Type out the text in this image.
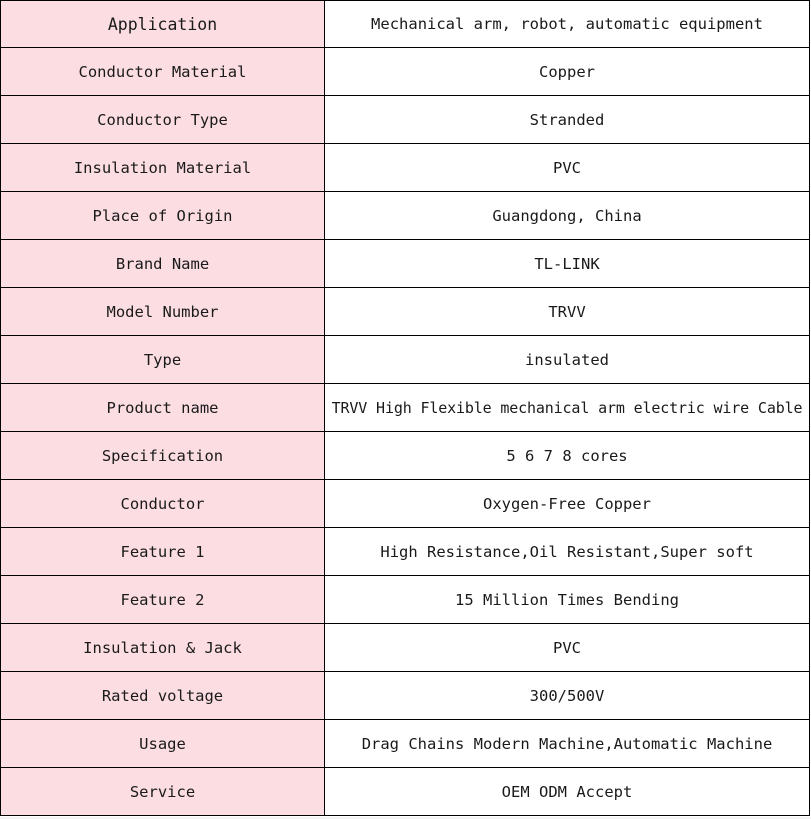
Application	Mechanical arm, robot, automatic equipment
Conductor Material	Copper
Conductor Type	Stranded
Insulation Material	PVC
Place of Origin	Guangdong, China
Brand Name	TL-LINK
Model Number	TRVV
Type	insulated
Product name	TRVV High Flexible mechanical arm electric wire Cable
Specification	5 6 7 8 cores
Conductor	Oxygen-Free Copper
Feature 1	High Resistance,Oil Resistant,Super soft
Feature 2	15 Million Times Bending
Insulation & Jack	PVC
Rated voltage	300/500V
Usage	Drag Chains Modern Machine,Automatic Machine
Service	OEM ODM Accept
